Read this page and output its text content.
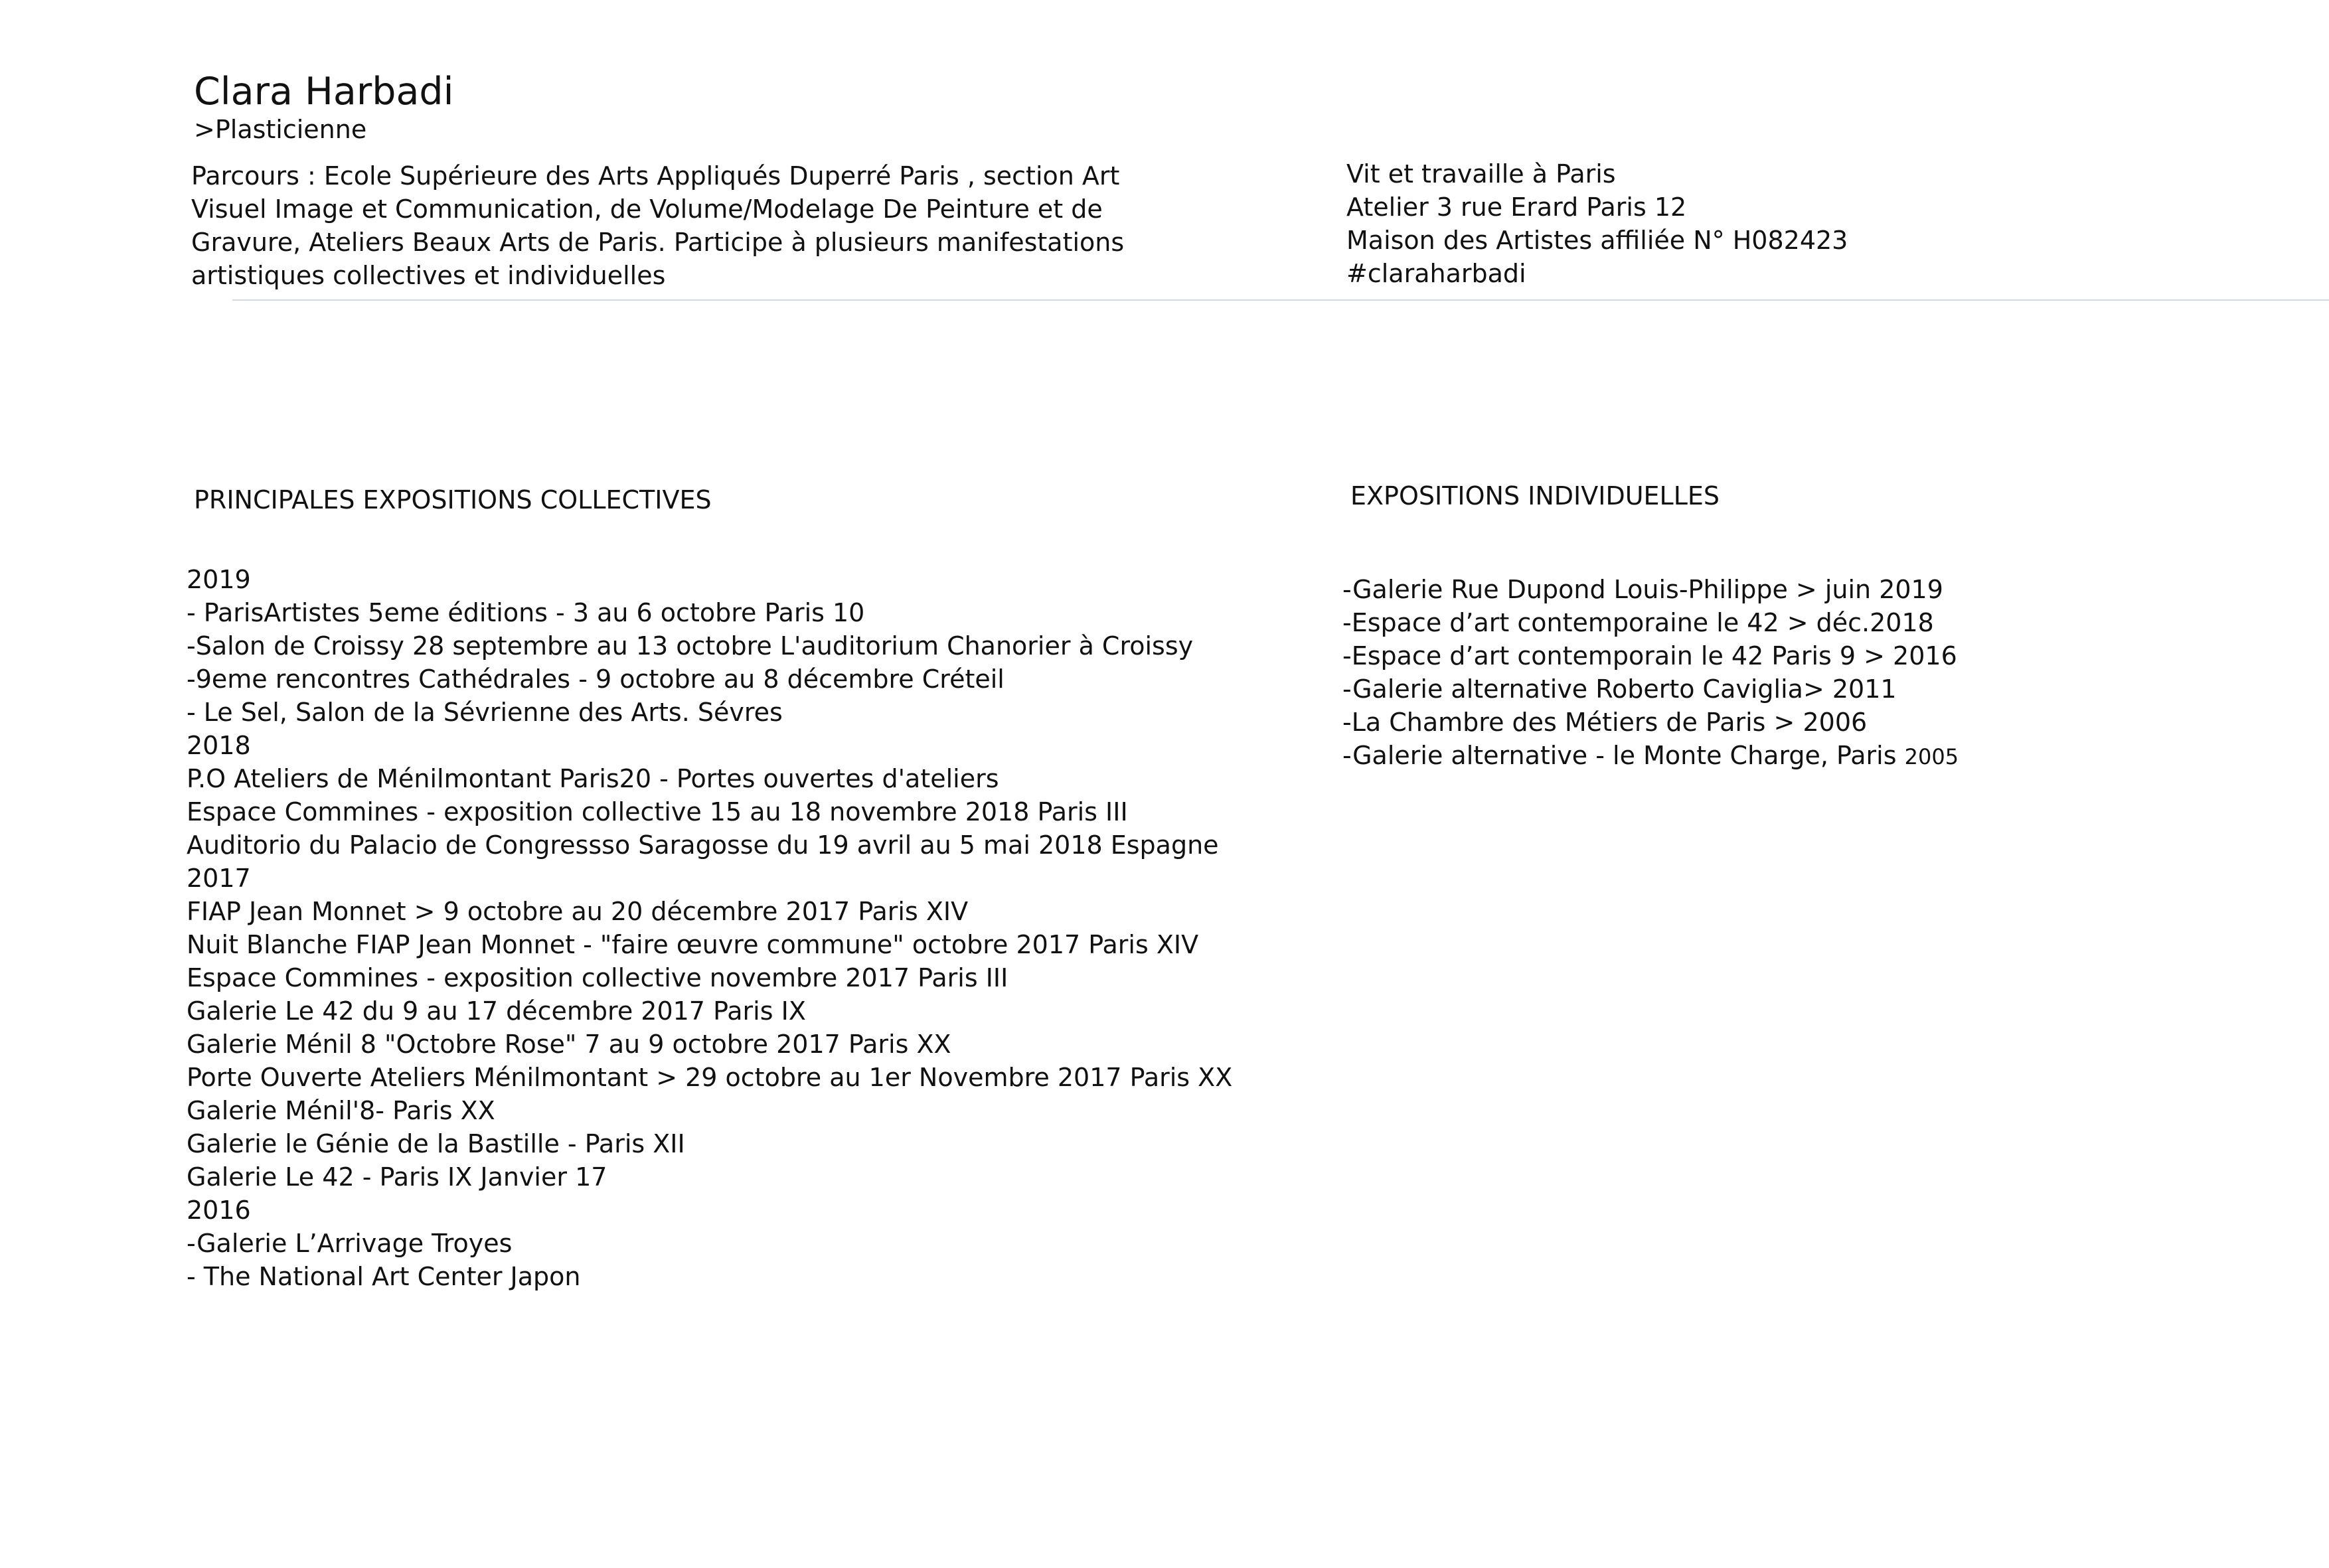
Clara Harbadi
>Plasticienne
Parcours : Ecole Supérieure des Arts Appliqués Duperré Paris , section Art
Visuel Image et Communication, de Volume/Modelage De Peinture et de
Gravure, Ateliers Beaux Arts de Paris. Participe à plusieurs manifestations
artistiques collectives et individuelles
Vit et travaille à Paris
Atelier 3 rue Erard Paris 12
Maison des Artistes affiliée N° H082423
#claraharbadi
PRINCIPALES EXPOSITIONS COLLECTIVES	EXPOSITIONS INDIVIDUELLES
2019
- ParisArtistes 5eme éditions - 3 au 6 octobre Paris 10
-Salon de Croissy 28 septembre au 13 octobre L'auditorium Chanorier à Croissy
-9eme rencontres Cathédrales - 9 octobre au 8 décembre Créteil
- Le Sel, Salon de la Sévrienne des Arts. Sévres
2018
P.O Ateliers de Ménilmontant Paris20 - Portes ouvertes d'ateliers
Espace Commines - exposition collective 15 au 18 novembre 2018 Paris III
Auditorio du Palacio de Congressso Saragosse du 19 avril au 5 mai 2018 Espagne
2017
FIAP Jean Monnet > 9 octobre au 20 décembre 2017 Paris XIV
Nuit Blanche FIAP Jean Monnet - "faire œuvre commune" octobre 2017 Paris XIV
Espace Commines - exposition collective novembre 2017 Paris III
Galerie Le 42 du 9 au 17 décembre 2017 Paris IX
Galerie Ménil 8 "Octobre Rose" 7 au 9 octobre 2017 Paris XX
Porte Ouverte Ateliers Ménilmontant > 29 octobre au 1er Novembre 2017 Paris XX
Galerie Ménil'8- Paris XX
Galerie le Génie de la Bastille - Paris XII
Galerie Le 42 - Paris IX Janvier 17
2016
-Galerie L’Arrivage Troyes
- The National Art Center Japon
-Galerie Rue Dupond Louis-Philippe > juin 2019
-Espace d’art contemporaine le 42 > déc.2018
-Espace d’art contemporain le 42 Paris 9 > 2016
-Galerie alternative Roberto Caviglia> 2011
-La Chambre des Métiers de Paris > 2006
-Galerie alternative - le Monte Charge, Paris 2005
